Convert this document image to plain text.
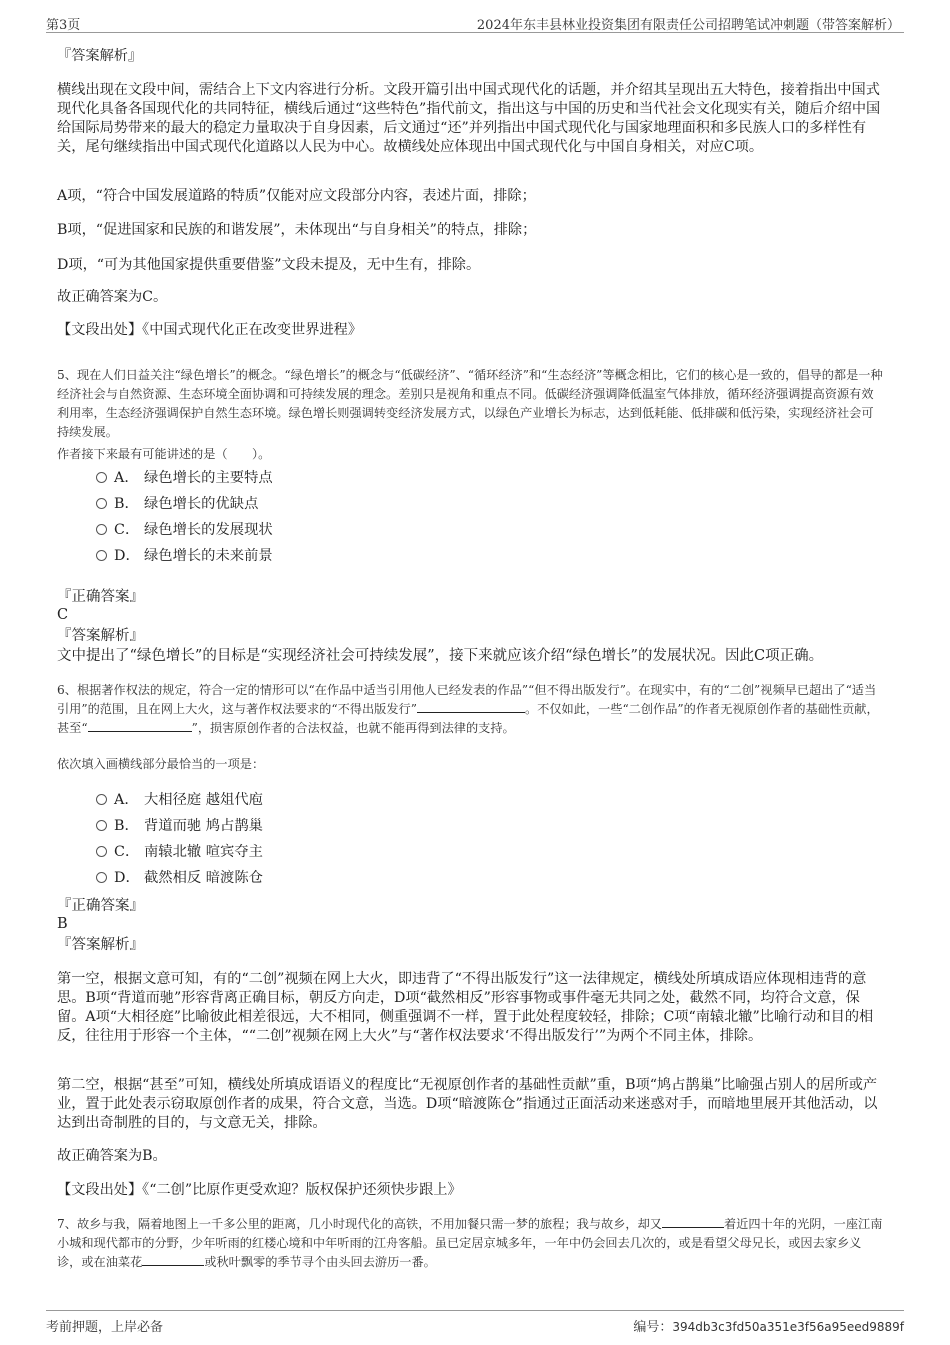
第3页	2024年东丰县林业投资集团有限责任公司招聘笔试冲刺题（带答案解析）
『答案解析』

横线出现在文段中间，需结合上下文内容进行分析。文段开篇引出中国式现代化的话题，并介绍其呈现出五大特色，接着指出中国式现代化具备各国现代化的共同特征，横线后通过“这些特色”指代前文，指出这与中国的历史和当代社会文化现实有关，随后介绍中国给国际局势带来的最大的稳定力量取决于自身因素，后文通过“还”并列指出中国式现代化与国家地理面积和多民族人口的多样性有关，尾句继续指出中国式现代化道路以人民为中心。故横线处应体现出中国式现代化与中国自身相关，对应C项。

A项，“符合中国发展道路的特质”仅能对应文段部分内容，表述片面，排除；
B项，“促进国家和民族的和谐发展”，未体现出“与自身相关”的特点，排除；
D项，“可为其他国家提供重要借鉴”文段未提及，无中生有，排除。
故正确答案为C。
【文段出处】《中国式现代化正在改变世界进程》

5、现在人们日益关注“绿色增长”的概念。“绿色增长”的概念与“低碳经济”、“循环经济”和“生态经济”等概念相比，它们的核心是一致的，倡导的都是一种经济社会与自然资源、生态环境全面协调和可持续发展的理念。差别只是视角和重点不同。低碳经济强调降低温室气体排放，循环经济强调提高资源有效利用率，生态经济强调保护自然生态环境。绿色增长则强调转变经济发展方式，以绿色产业增长为标志，达到低耗能、低排碳和低污染，实现经济社会可持续发展。

作者接下来最有可能讲述的是（　　）。
A． 绿色增长的主要特点
B． 绿色增长的优缺点
C． 绿色增长的发展现状
D． 绿色增长的未来前景
『正确答案』
C
『答案解析』
文中提出了“绿色增长”的目标是“实现经济社会可持续发展”，接下来就应该介绍“绿色增长”的发展状况。因此C项正确。

6、根据著作权法的规定，符合一定的情形可以“在作品中适当引用他人已经发表的作品”“但不得出版发行”。在现实中，有的“二创”视频早已超出了“适当引用”的范围，且在网上大火，这与著作权法要求的“不得出版发行”	。不仅如此，一些“二创作品”的作者无视原创作者的基础性贡献，甚至“	”，损害原创作者的合法权益，也就不能再得到法律的支持。

依次填入画横线部分最恰当的一项是：
A． 大相径庭 越俎代庖
B． 背道而驰 鸠占鹊巢
C． 南辕北辙 喧宾夺主
D． 截然相反 暗渡陈仓
『正确答案』
B
『答案解析』

第一空，根据文意可知，有的“二创”视频在网上大火，即违背了“不得出版发行”这一法律规定，横线处所填成语应体现相违背的意思。B项“背道而驰”形容背离正确目标，朝反方向走，D项“截然相反”形容事物或事件毫无共同之处，截然不同，均符合文意，保留。A项“大相径庭”比喻彼此相差很远，大不相同，侧重强调不一样，置于此处程度较轻，排除；C项“南辕北辙”比喻行动和目的相反，往往用于形容一个主体，““二创”视频在网上大火”与“著作权法要求‘不得出版发行’”为两个不同主体，排除。

第二空，根据“甚至”可知，横线处所填成语语义的程度比“无视原创作者的基础性贡献”重，B项“鸠占鹊巢”比喻强占别人的居所或产业，置于此处表示窃取原创作者的成果，符合文意，当选。D项“暗渡陈仓”指通过正面活动来迷惑对手，而暗地里展开其他活动，以达到出奇制胜的目的，与文意无关，排除。

故正确答案为B。
【文段出处】《“二创”比原作更受欢迎？版权保护还须快步跟上》

7、故乡与我，隔着地图上一千多公里的距离，几小时现代化的高铁，不用加餐只需一梦的旅程；我与故乡，却又	着近四十年的光阴，一座江南小城和现代都市的分野，少年听雨的红楼心境和中年听雨的江舟客船。虽已定居京城多年，一年中仍会回去几次的，或是看望父母兄长，或因去家乡义诊，或在油菜花	或秋叶飘零的季节寻个由头回去游历一番。

考前押题，上岸必备	编号：394db3c3fd50a351e3f56a95eed9889f
